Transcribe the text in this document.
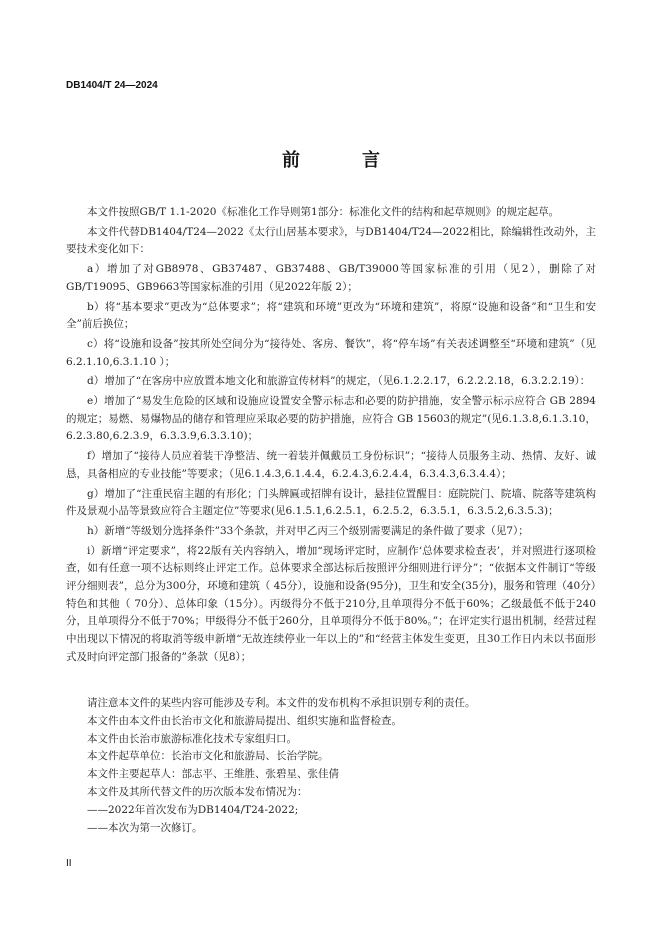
DB1404/T 24—2024
前　言

本文件按照GB/T 1.1-2020《标准化工作导则第1部分：标准化文件的结构和起草规则》的规定起草。

本文件代替DB1404/T24—2022《太行山居基本要求》，与DB1404/T24—2022相比，除编辑性改动外，主要技术变化如下：

a）增加了对GB8978、GB37487、GB37488、GB/T39000等国家标准的引用（见2），删除了对GB/T19095、GB9663等国家标准的引用（见2022年版 2）；

b）将“基本要求”更改为“总体要求”；将“建筑和环境”更改为“环境和建筑”，将原“设施和设备”和“卫生和安全”前后换位；

c）将“设施和设备”按其所处空间分为“接待处、客房、餐饮”，将“停车场”有关表述调整至“环境和建筑”（见6.2.1.10,6.3.1.10 ）；

d）增加了“在客房中应放置本地文化和旅游宣传材料”的规定，（见6.1.2.2.17，6.2.2.2.18，6.3.2.2.19）：

e）增加了“易发生危险的区域和设施应设置安全警示标志和必要的防护措施，安全警示标示应符合 GB 2894的规定；易燃、易爆物品的储存和管理应采取必要的防护措施，应符合 GB 15603的规定”(见6.1.3.8,6.1.3.10，6.2.3.80,6.2.3.9，6.3.3.9,6.3.3.10)；

f）增加了“接待人员应着装干净整洁、统一着装并佩戴员工身份标识”；“接待人员服务主动、热情、友好、诚恳，具备相应的专业技能”等要求；（见6.1.4.3,6.1.4.4，6.2.4.3,6.2.4.4，6.3.4.3,6.3.4.4）；

g）增加了“注重民宿主题的有形化；门头牌匾或招牌有设计，悬挂位置醒目：庭院院门、院墙、院落等建筑构件及景观小品等景致应符合主题定位”等要求(见6.1.5.1,6.2.5.1，6.2.5.2，6.3.5.1，6.3.5.2,6.3.5.3)；

h）新增“等级划分选择条件”33个条款，并对甲乙丙三个级别需要满足的条件做了要求（见7）；

i）新增“评定要求”，将22版有关内容纳入，增加“现场评定时，应制作‘总体要求检查表’，并对照进行逐项检查，如有任意一项不达标则终止评定工作。总体要求全部达标后按照评分细则进行评分”；“依据本文件制订“等级评分细则表”，总分为300分，环境和建筑（ 45分），设施和设备(95分)，卫生和安全(35分)，服务和管理（40分）特色和其他（ 70分）、总体印象（15分）。丙级得分不低于210分,且单项得分不低于60%；乙级最低不低于240分，且单项得分不低于70%；甲级得分不低于260分，且单项得分不低于80%。”；在评定实行退出机制，经营过程中出现以下情况的将取消等级申新增“无故连续停业一年以上的”和“经营主体发生变更，且30工作日内未以书面形式及时向评定部门报备的”条款（见8）；

请注意本文件的某些内容可能涉及专利。本文件的发布机构不承担识别专利的责任。

本文件由本文件由长治市文化和旅游局提出、组织实施和监督检查。

本文件由长治市旅游标准化技术专家组归口。

本文件起草单位：长治市文化和旅游局、长治学院。

本文件主要起草人：部志平、王维胜、张碧星、张佳倩

本文件及其所代替文件的历次版本发布情况为：

——2022年首次发布为DB1404/T24-2022;

——本次为第一次修订。

II
